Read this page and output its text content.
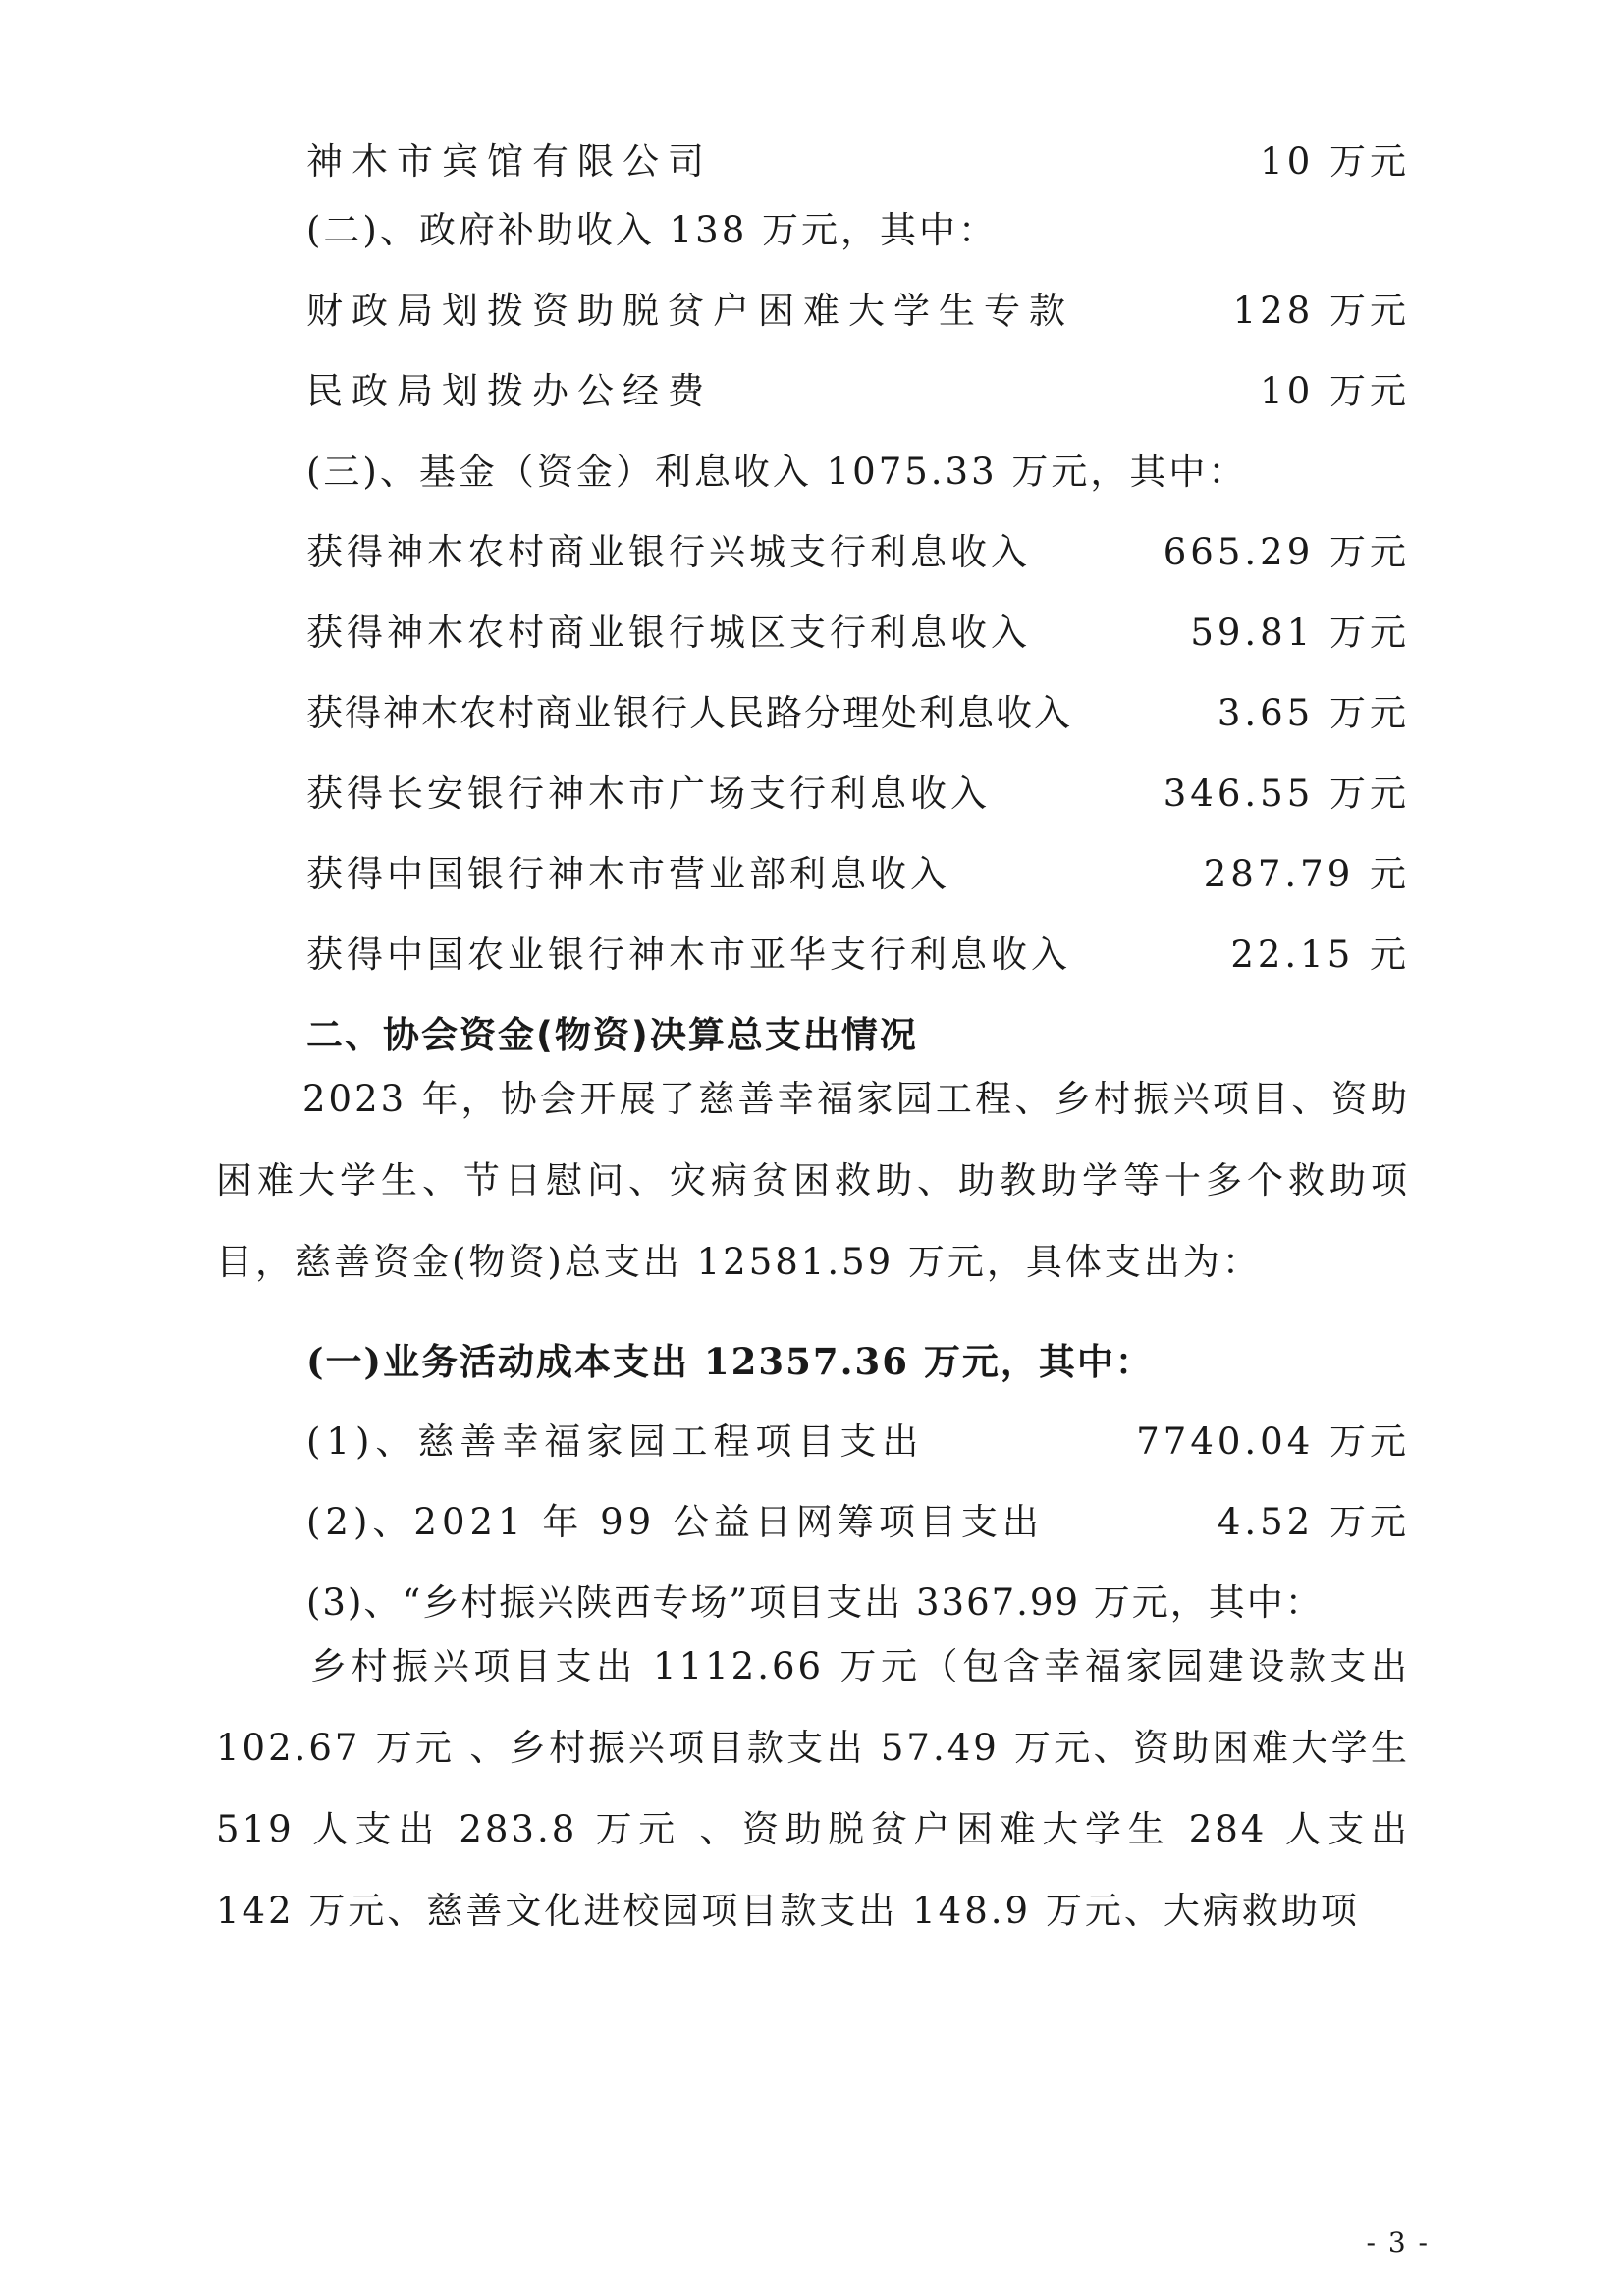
神木市宾馆有限公司	10 万元
(二)、政府补助收入 138 万元，其中：
财政局划拨资助脱贫户困难大学生专款	128 万元
民政局划拨办公经费	10 万元
(三)、基金（资金）利息收入 1075.33 万元，其中：
获得神木农村商业银行兴城支行利息收入	665.29 万元
获得神木农村商业银行城区支行利息收入	59.81 万元
获得神木农村商业银行人民路分理处利息收入	3.65 万元
获得长安银行神木市广场支行利息收入	346.55 万元
获得中国银行神木市营业部利息收入	287.79 元
获得中国农业银行神木市亚华支行利息收入	22.15 元
二、协会资金(物资)决算总支出情况

2023 年，协会开展了慈善幸福家园工程、乡村振兴项目、资助困难大学生、节日慰问、灾病贫困救助、助教助学等十多个救助项目，慈善资金(物资)总支出 12581.59 万元，具体支出为：

(一)业务活动成本支出 12357.36 万元，其中：
(1)、慈善幸福家园工程项目支出	7740.04 万元
(2)、2021 年 99 公益日网筹项目支出	4.52 万元
(3)、“乡村振兴陕西专场”项目支出 3367.99 万元，其中：

乡村振兴项目支出 1112.66 万元（包含幸福家园建设款支出 102.67 万元 、乡村振兴项目款支出 57.49 万元、资助困难大学生 519 人支出 283.8 万元 、资助脱贫户困难大学生 284 人支出 142 万元、慈善文化进校园项目款支出 148.9 万元、大病救助项

- 3 -
